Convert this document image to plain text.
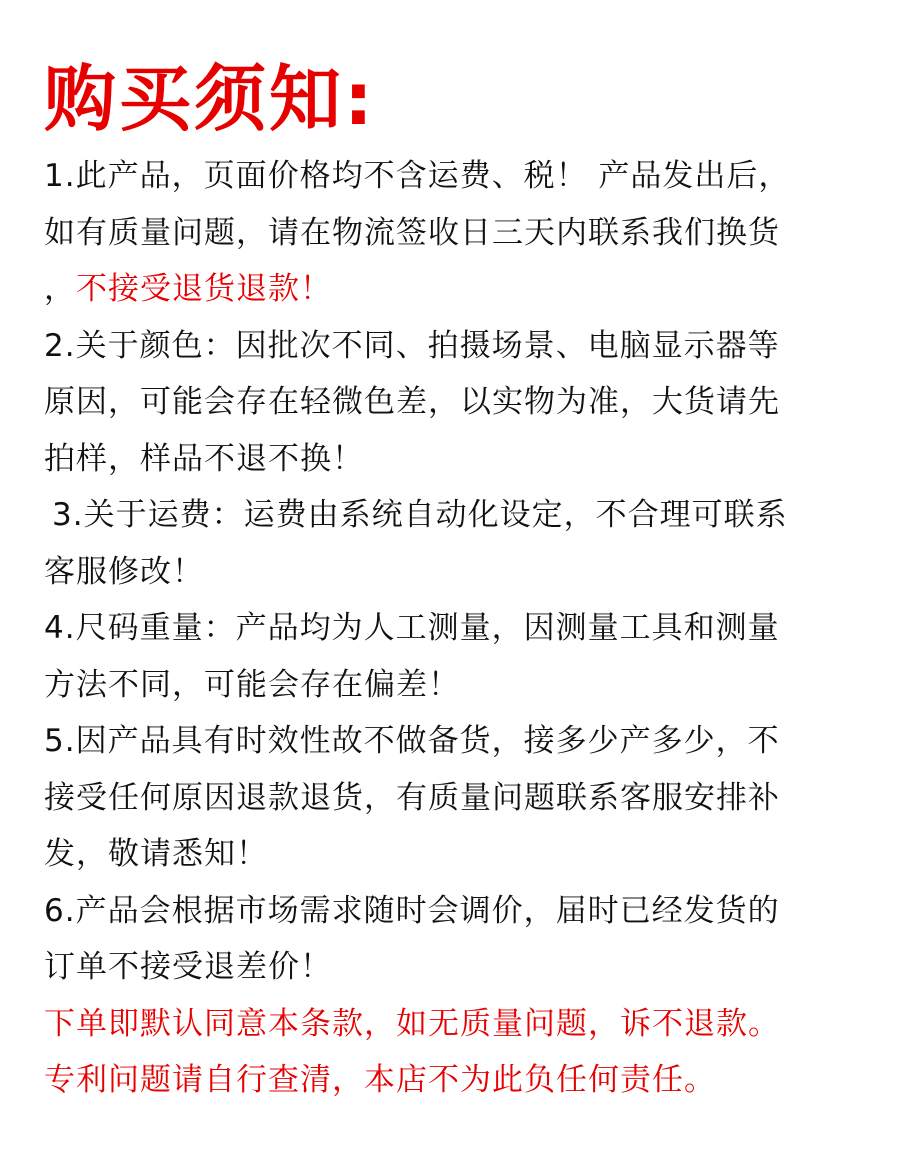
购买须知:
1.此产品，页面价格均不含运费、税！ 产品发出后，
如有质量问题，请在物流签收日三天内联系我们换货
，不接受退货退款！
2.关于颜色：因批次不同、拍摄场景、电脑显示器等
原因，可能会存在轻微色差，以实物为准，大货请先
拍样，样品不退不换！
3.关于运费：运费由系统自动化设定，不合理可联系
客服修改！
4.尺码重量：产品均为人工测量，因测量工具和测量
方法不同，可能会存在偏差！
5.因产品具有时效性故不做备货，接多少产多少，不
接受任何原因退款退货，有质量问题联系客服安排补
发，敬请悉知！
6.产品会根据市场需求随时会调价，届时已经发货的
订单不接受退差价！
下单即默认同意本条款，如无质量问题，诉不退款。
专利问题请自行查清，本店不为此负任何责任。
